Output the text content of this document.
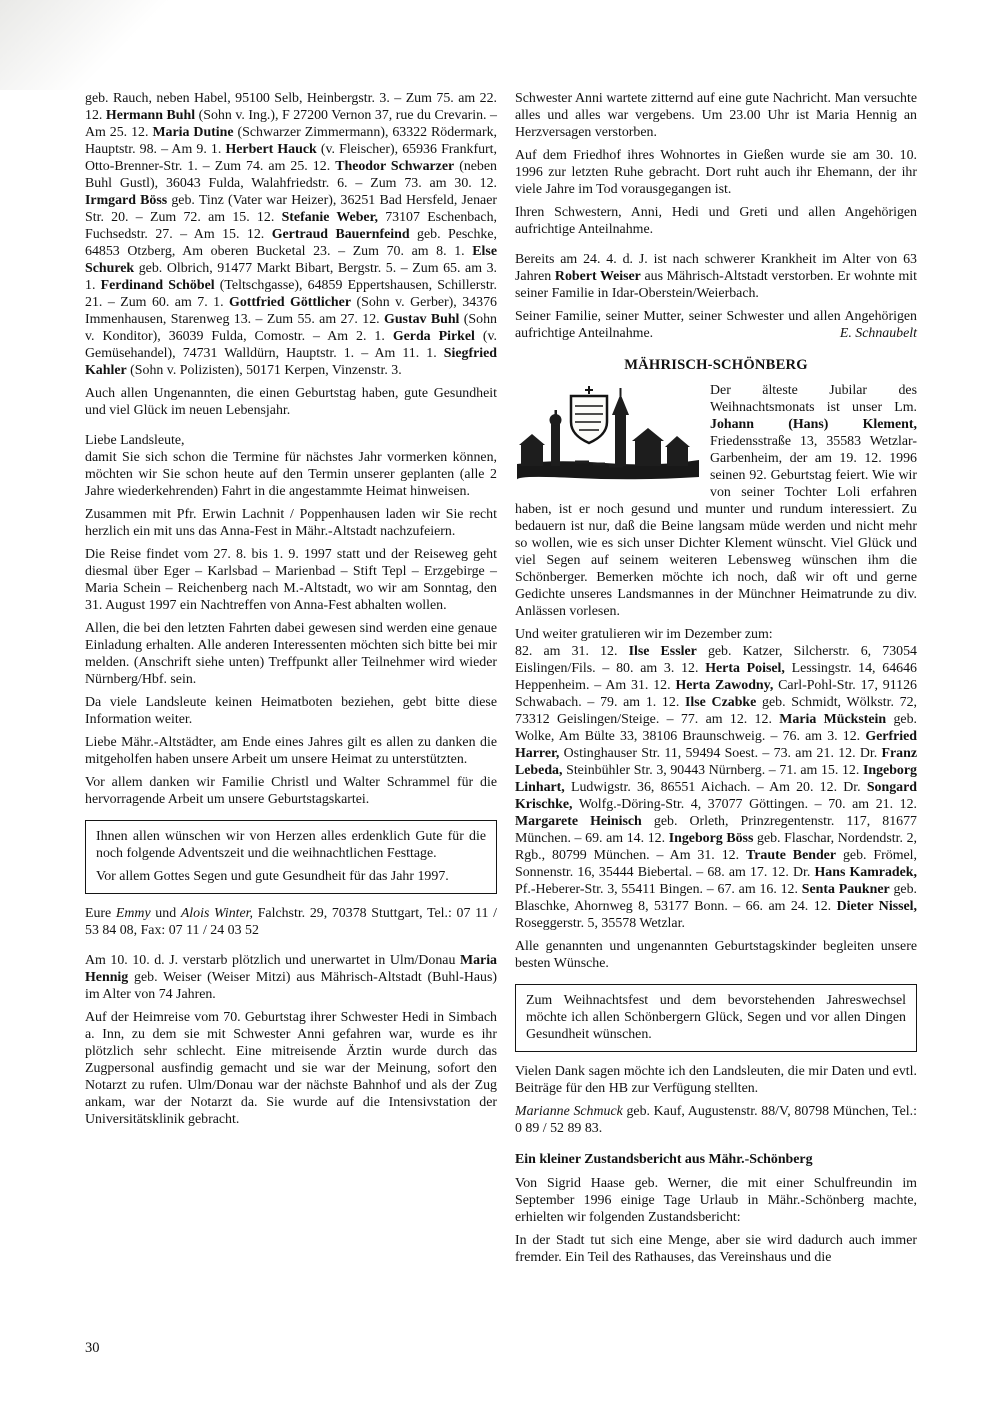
geb. Rauch, neben Habel, 95100 Selb, Heinbergstr. 3. – Zum 75. am 22. 12. Hermann Buhl (Sohn v. Ing.), F 27200 Vernon 37, rue du Crevarin. – Am 25. 12. Maria Dutine (Schwarzer Zimmermann), 63322 Rödermark, Hauptstr. 98. – Am 9. 1. Herbert Hauck (v. Fleischer), 65936 Frankfurt, Otto-Brenner-Str. 1. – Zum 74. am 25. 12. Theodor Schwarzer (neben Buhl Gustl), 36043 Fulda, Walahfriedstr. 6. – Zum 73. am 30. 12. Irmgard Böss geb. Tinz (Vater war Heizer), 36251 Bad Hersfeld, Jenaer Str. 20. – Zum 72. am 15. 12. Stefanie Weber, 73107 Eschenbach, Fuchsedstr. 27. – Am 15. 12. Gertraud Bauernfeind geb. Peschke, 64853 Otzberg, Am oberen Bucketal 23. – Zum 70. am 8. 1. Else Schurek geb. Olbrich, 91477 Markt Bibart, Bergstr. 5. – Zum 65. am 3. 1. Ferdinand Schöbel (Teltschgasse), 64859 Eppertshausen, Schillerstr. 21. – Zum 60. am 7. 1. Gottfried Göttlicher (Sohn v. Gerber), 34376 Immenhausen, Starenweg 13. – Zum 55. am 27. 12. Gustav Buhl (Sohn v. Konditor), 36039 Fulda, Comostr. – Am 2. 1. Gerda Pirkel (v. Gemüsehandel), 74731 Walldürn, Hauptstr. 1. – Am 11. 1. Siegfried Kahler (Sohn v. Polizisten), 50171 Kerpen, Vinzenstr. 3.

Auch allen Ungenannten, die einen Geburtstag haben, gute Gesundheit und viel Glück im neuen Lebensjahr.

Liebe Landsleute,
damit Sie sich schon die Termine für nächstes Jahr vormerken können, möchten wir Sie schon heute auf den Termin unserer geplanten (alle 2 Jahre wiederkehrenden) Fahrt in die angestammte Heimat hinweisen.

Zusammen mit Pfr. Erwin Lachnit / Poppenhausen laden wir Sie recht herzlich ein mit uns das Anna-Fest in Mähr.-Altstadt nachzufeiern.

Die Reise findet vom 27. 8. bis 1. 9. 1997 statt und der Reiseweg geht diesmal über Eger – Karlsbad – Marienbad – Stift Tepl – Erzgebirge – Maria Schein – Reichenberg nach M.-Altstadt, wo wir am Sonntag, den 31. August 1997 ein Nachtreffen von Anna-Fest abhalten wollen.

Allen, die bei den letzten Fahrten dabei gewesen sind werden eine genaue Einladung erhalten. Alle anderen Interessenten möchten sich bitte bei mir melden. (Anschrift siehe unten) Treffpunkt aller Teilnehmer wird wieder Nürnberg/Hbf. sein.

Da viele Landsleute keinen Heimatboten beziehen, gebt bitte diese Information weiter.

Liebe Mähr.-Altstädter, am Ende eines Jahres gilt es allen zu danken die mitgeholfen haben unsere Arbeit um unsere Heimat zu unterstützten.

Vor allem danken wir Familie Christl und Walter Schrammel für die hervorragende Arbeit um unsere Geburtstagskartei.

Ihnen allen wünschen wir von Herzen alles erdenklich Gute für die noch folgende Adventszeit und die weihnachtlichen Festtage.

Vor allem Gottes Segen und gute Gesundheit für das Jahr 1997.

Eure Emmy und Alois Winter, Falchstr. 29, 70378 Stuttgart, Tel.: 07 11 / 53 84 08, Fax: 07 11 / 24 03 52

Am 10. 10. d. J. verstarb plötzlich und unerwartet in Ulm/Donau Maria Hennig geb. Weiser (Weiser Mitzi) aus Mährisch-Altstadt (Buhl-Haus) im Alter von 74 Jahren.

Auf der Heimreise vom 70. Geburtstag ihrer Schwester Hedi in Simbach a. Inn, zu dem sie mit Schwester Anni gefahren war, wurde es ihr plötzlich sehr schlecht. Eine mitreisende Ärztin wurde durch das Zugpersonal ausfindig gemacht und sie war der Meinung, sofort den Notarzt zu rufen. Ulm/Donau war der nächste Bahnhof und als der Zug ankam, war der Notarzt da. Sie wurde auf die Intensivstation der Universitätsklinik gebracht.

Schwester Anni wartete zitternd auf eine gute Nachricht. Man versuchte alles und alles war vergebens. Um 23.00 Uhr ist Maria Hennig an Herzversagen verstorben.

Auf dem Friedhof ihres Wohnortes in Gießen wurde sie am 30. 10. 1996 zur letzten Ruhe gebracht. Dort ruht auch ihr Ehemann, der ihr viele Jahre im Tod vorausgegangen ist.

Ihren Schwestern, Anni, Hedi und Greti und allen Angehörigen aufrichtige Anteilnahme.

Bereits am 24. 4. d. J. ist nach schwerer Krankheit im Alter von 63 Jahren Robert Weiser aus Mährisch-Altstadt verstorben. Er wohnte mit seiner Familie in Idar-Oberstein/Weierbach.

Seiner Familie, seiner Mutter, seiner Schwester und allen Angehörigen aufrichtige Anteilnahme.	E. Schnaubelt

MÄHRISCH-SCHÖNBERG

Der älteste Jubilar des Weihnachtsmonats ist unser Lm. Johann (Hans) Klement, Friedensstraße 13, 35583 Wetzlar-Garbenheim, der am 19. 12. 1996 seinen 92. Geburtstag feiert. Wie wir von seiner Tochter Loli erfahren haben, ist er noch gesund und munter und rundum interessiert. Zu bedauern ist nur, daß die Beine langsam müde werden und nicht mehr so wollen, wie es sich unser Dichter Klement wünscht. Viel Glück und viel Segen auf seinem weiteren Lebensweg wünschen ihm die Schönberger. Bemerken möchte ich noch, daß wir oft und gerne Gedichte unseres Landsmannes in der Münchner Heimatrunde zu div. Anlässen vorlesen.

Und weiter gratulieren wir im Dezember zum:
82. am 31. 12. Ilse Essler geb. Katzer, Silcherstr. 6, 73054 Eislingen/Fils. – 80. am 3. 12. Herta Poisel, Lessingstr. 14, 64646 Heppenheim. – Am 31. 12. Herta Zawodny, Carl-Pohl-Str. 17, 91126 Schwabach. – 79. am 1. 12. Ilse Czabke geb. Schmidt, Wölkstr. 72, 73312 Geislingen/Steige. – 77. am 12. 12. Maria Mückstein geb. Wolke, Am Bülte 33, 38106 Braunschweig. – 76. am 3. 12. Gerfried Harrer, Ostinghauser Str. 11, 59494 Soest. – 73. am 21. 12. Dr. Franz Lebeda, Steinbühler Str. 3, 90443 Nürnberg. – 71. am 15. 12. Ingeborg Linhart, Ludwigstr. 36, 86551 Aichach. – Am 20. 12. Dr. Songard Krischke, Wolfg.-Döring-Str. 4, 37077 Göttingen. – 70. am 21. 12. Margarete Heinisch geb. Orleth, Prinzregentenstr. 117, 81677 München. – 69. am 14. 12. Ingeborg Böss geb. Flaschar, Nordendstr. 2, Rgb., 80799 München. – Am 31. 12. Traute Bender geb. Frömel, Sonnenstr. 16, 35444 Biebertal. – 68. am 17. 12. Dr. Hans Kamradek, Pf.-Heberer-Str. 3, 55411 Bingen. – 67. am 16. 12. Senta Paukner geb. Blaschke, Ahornweg 8, 53177 Bonn. – 66. am 24. 12. Dieter Nissel, Roseggerstr. 5, 35578 Wetzlar.

Alle genannten und ungenannten Geburtstagskinder begleiten unsere besten Wünsche.

Zum Weihnachtsfest und dem bevorstehenden Jahreswechsel möchte ich allen Schönbergern Glück, Segen und vor allen Dingen Gesundheit wünschen.

Vielen Dank sagen möchte ich den Landsleuten, die mir Daten und evtl. Beiträge für den HB zur Verfügung stellten.

Marianne Schmuck geb. Kauf, Augustenstr. 88/V, 80798 München, Tel.: 0 89 / 52 89 83.

Ein kleiner Zustandsbericht aus Mähr.-Schönberg

Von Sigrid Haase geb. Werner, die mit einer Schulfreundin im September 1996 einige Tage Urlaub in Mähr.-Schönberg machte, erhielten wir folgenden Zustandsbericht:

In der Stadt tut sich eine Menge, aber sie wird dadurch auch immer fremder. Ein Teil des Rathauses, das Vereinshaus und die

30
